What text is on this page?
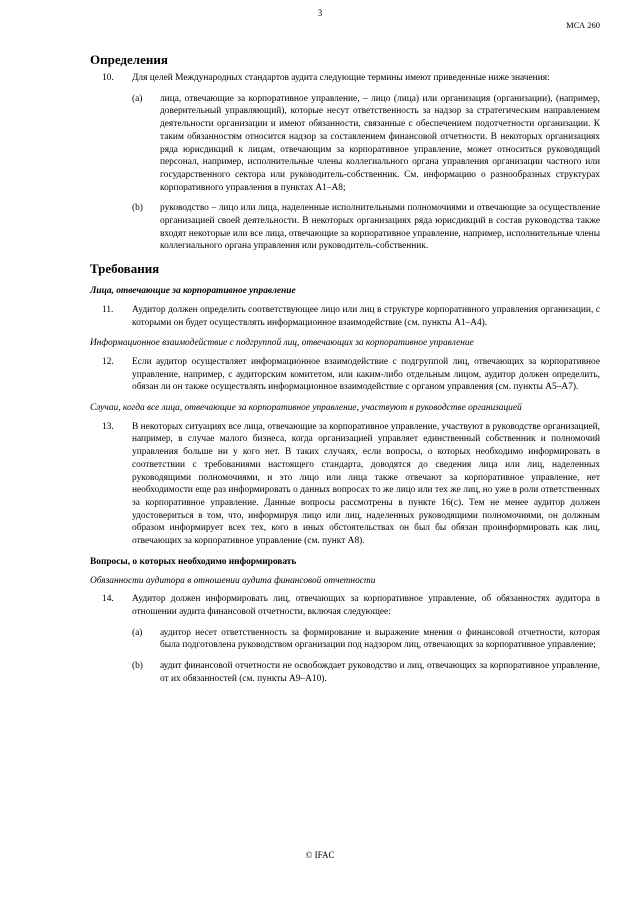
3
МСА 260
Определения
10. Для целей Международных стандартов аудита следующие термины имеют приведенные ниже значения:
(a) лица, отвечающие за корпоративное управление, – лицо (лица) или организация (организации), (например, доверительный управляющий), которые несут ответственность за надзор за стратегическим направлением деятельности организации и имеют обязанности, связанные с обеспечением подотчетности организации. К таким обязанностям относится надзор за составлением финансовой отчетности. В некоторых организациях ряда юрисдикций к лицам, отвечающим за корпоративное управление, может относиться руководящий персонал, например, исполнительные члены коллегиального органа управления организации частного или государственного сектора или руководитель-собственник. См. информацию о разнообразных структурах корпоративного управления в пунктах А1–А8;
(b) руководство – лицо или лица, наделенные исполнительными полномочиями и отвечающие за осуществление организацией своей деятельности. В некоторых организациях ряда юрисдикций в состав руководства также входят некоторые или все лица, отвечающие за корпоративное управление, например, исполнительные члены коллегиального органа управления или руководитель-собственник.
Требования
Лица, отвечающие за корпоративное управление
11. Аудитор должен определить соответствующее лицо или лиц в структуре корпоративного управления организации, с которыми он будет осуществлять информационное взаимодействие (см. пункты А1–А4).
Информационное взаимодействие с подгруппой лиц, отвечающих за корпоративное управление
12. Если аудитор осуществляет информационное взаимодействие с подгруппой лиц, отвечающих за корпоративное управление, например, с аудиторским комитетом, или каким-либо отдельным лицом, аудитор должен определить, обязан ли он также осуществлять информационное взаимодействие с органом управления (см. пункты А5–А7).
Случаи, когда все лица, отвечающие за корпоративное управление, участвуют в руководстве организацией
13. В некоторых ситуациях все лица, отвечающие за корпоративное управление, участвуют в руководстве организацией, например, в случае малого бизнеса, когда организацией управляет единственный собственник и полномочий управления больше ни у кого нет. В таких случаях, если вопросы, о которых необходимо информировать в соответствии с требованиями настоящего стандарта, доводятся до сведения лица или лиц, наделенных руководящими полномочиями, и это лицо или лица также отвечают за корпоративное управление, нет необходимости еще раз информировать о данных вопросах то же лицо или тех же лиц, но уже в роли ответственных за корпоративное управление. Данные вопросы рассмотрены в пункте 16(c). Тем не менее аудитор должен удостовериться в том, что, информируя лицо или лиц, наделенных руководящими полномочиями, он должным образом информирует всех тех, кого в иных обстоятельствах он был бы обязан проинформировать как лиц, отвечающих за корпоративное управление (см. пункт А8).
Вопросы, о которых необходимо информировать
Обязанности аудитора в отношении аудита финансовой отчетности
14. Аудитор должен информировать лиц, отвечающих за корпоративное управление, об обязанностях аудитора в отношении аудита финансовой отчетности, включая следующее:
(a) аудитор несет ответственность за формирование и выражение мнения о финансовой отчетности, которая была подготовлена руководством организации под надзором лиц, отвечающих за корпоративное управление;
(b) аудит финансовой отчетности не освобождает руководство и лиц, отвечающих за корпоративное управление, от их обязанностей (см. пункты А9–А10).
© IFAC
